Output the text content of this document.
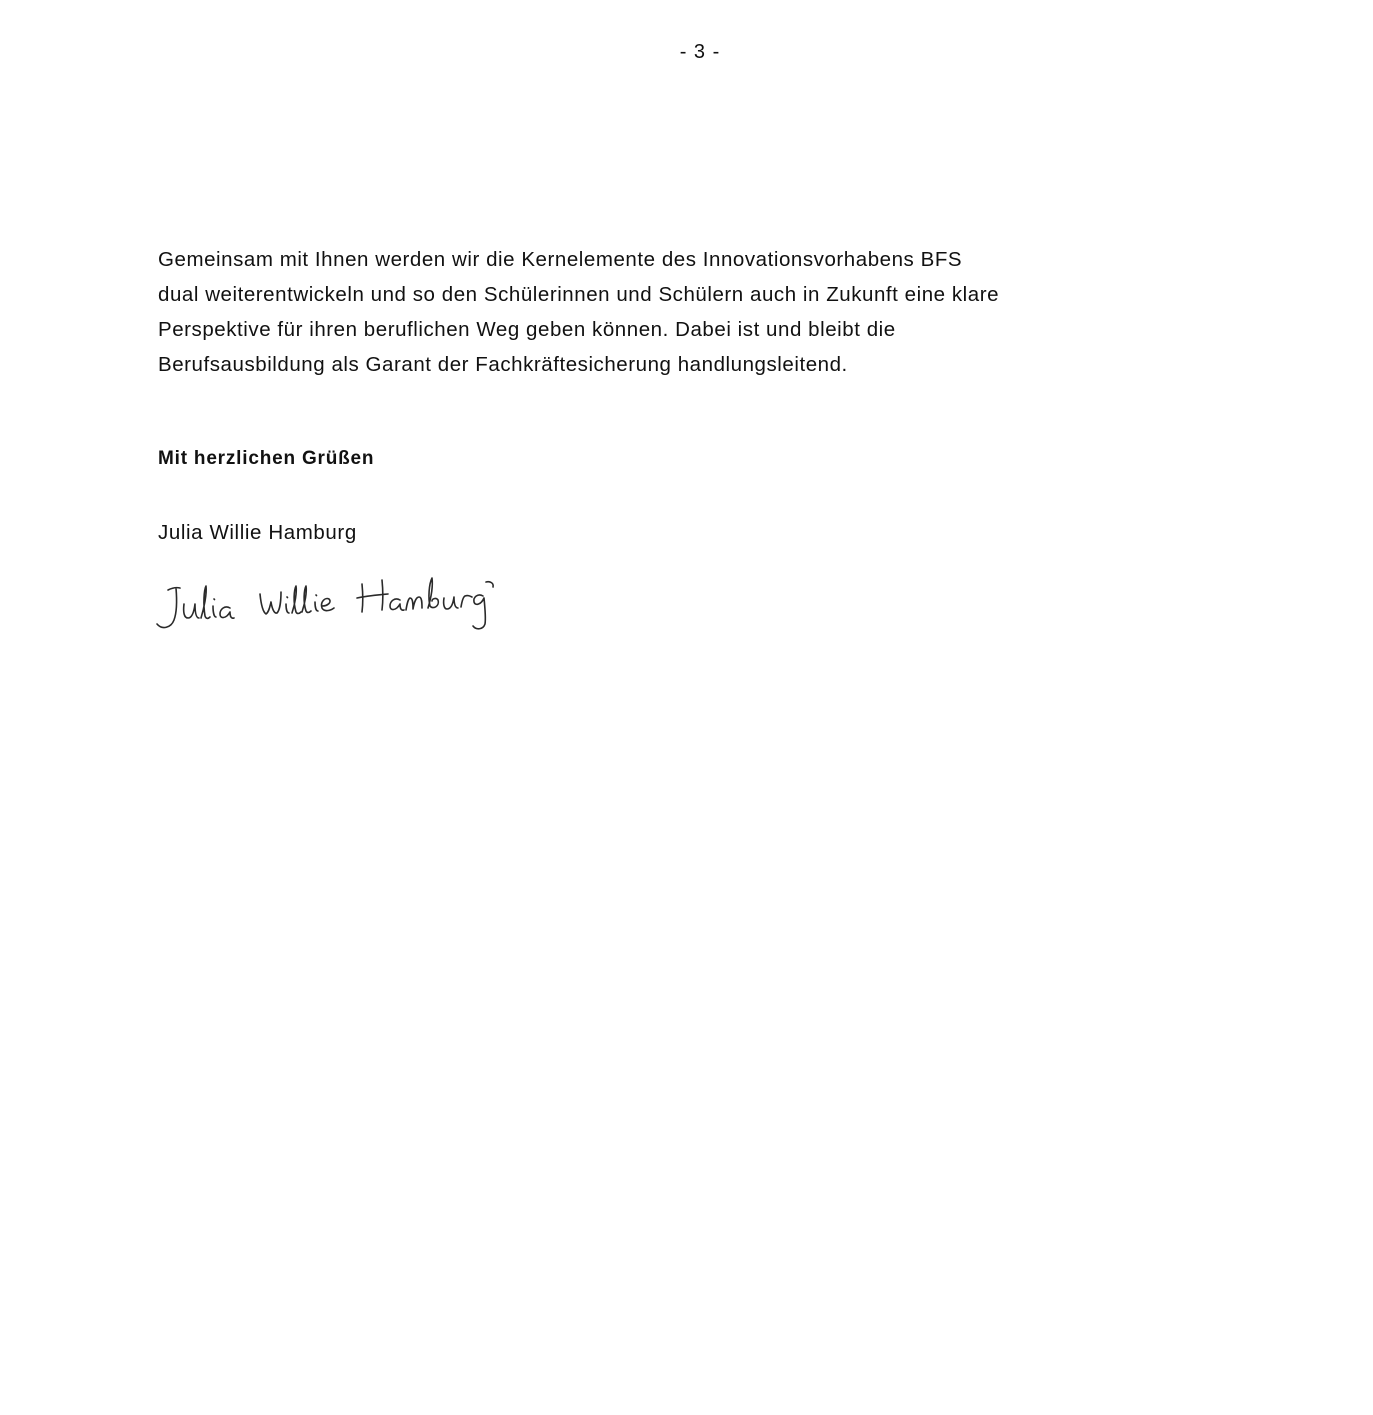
- 3 -

Gemeinsam mit Ihnen werden wir die Kernelemente des Innovationsvorhabens BFS
dual weiterentwickeln und so den Schülerinnen und Schülern auch in Zukunft eine klare
Perspektive für ihren beruflichen Weg geben können. Dabei ist und bleibt die
Berufsausbildung als Garant der Fachkräftesicherung handlungsleitend.

Mit herzlichen Grüßen

Julia Willie Hamburg
